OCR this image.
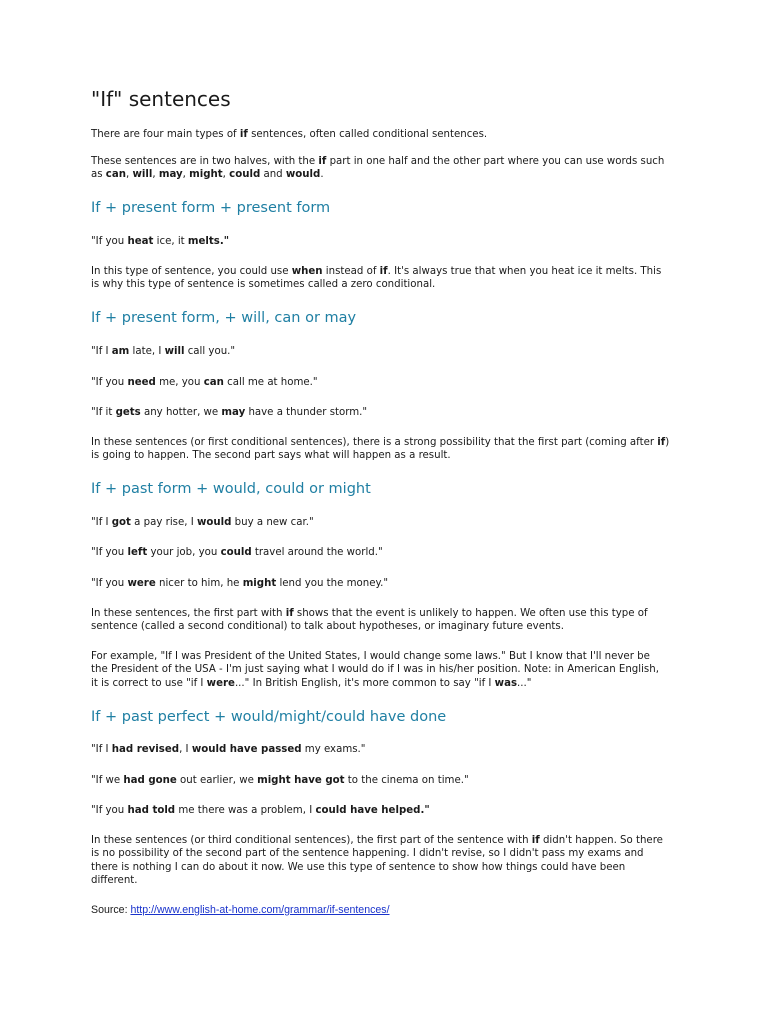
"If" sentences

There are four main types of if sentences, often called conditional sentences.

These sentences are in two halves, with the if part in one half and the other part where you can use words such

as can, will, may, might, could and would.

If + present form + present form

"If you heat ice, it melts."

In this type of sentence, you could use when instead of if. It's always true that when you heat ice it melts. This

is why this type of sentence is sometimes called a zero conditional.

If + present form, + will, can or may

"If I am late, I will call you."

"If you need me, you can call me at home."

"If it gets any hotter, we may have a thunder storm."

In these sentences (or first conditional sentences), there is a strong possibility that the first part (coming after if)

is going to happen. The second part says what will happen as a result.

If + past form + would, could or might

"If I got a pay rise, I would buy a new car."

"If you left your job, you could travel around the world."

"If you were nicer to him, he might lend you the money."

In these sentences, the first part with if shows that the event is unlikely to happen. We often use this type of

sentence (called a second conditional) to talk about hypotheses, or imaginary future events.

For example, "If I was President of the United States, I would change some laws." But I know that I'll never be

the President of the USA - I'm just saying what I would do if I was in his/her position. Note: in American English,

it is correct to use "if I were..." In British English, it's more common to say "if I was..."

If + past perfect + would/might/could have done

"If I had revised, I would have passed my exams."

"If we had gone out earlier, we might have got to the cinema on time."

"If you had told me there was a problem, I could have helped."

In these sentences (or third conditional sentences), the first part of the sentence with if didn't happen. So there

is no possibility of the second part of the sentence happening. I didn't revise, so I didn't pass my exams and

there is nothing I can do about it now. We use this type of sentence to show how things could have been

different.

Source: http://www.english-at-home.com/grammar/if-sentences/
